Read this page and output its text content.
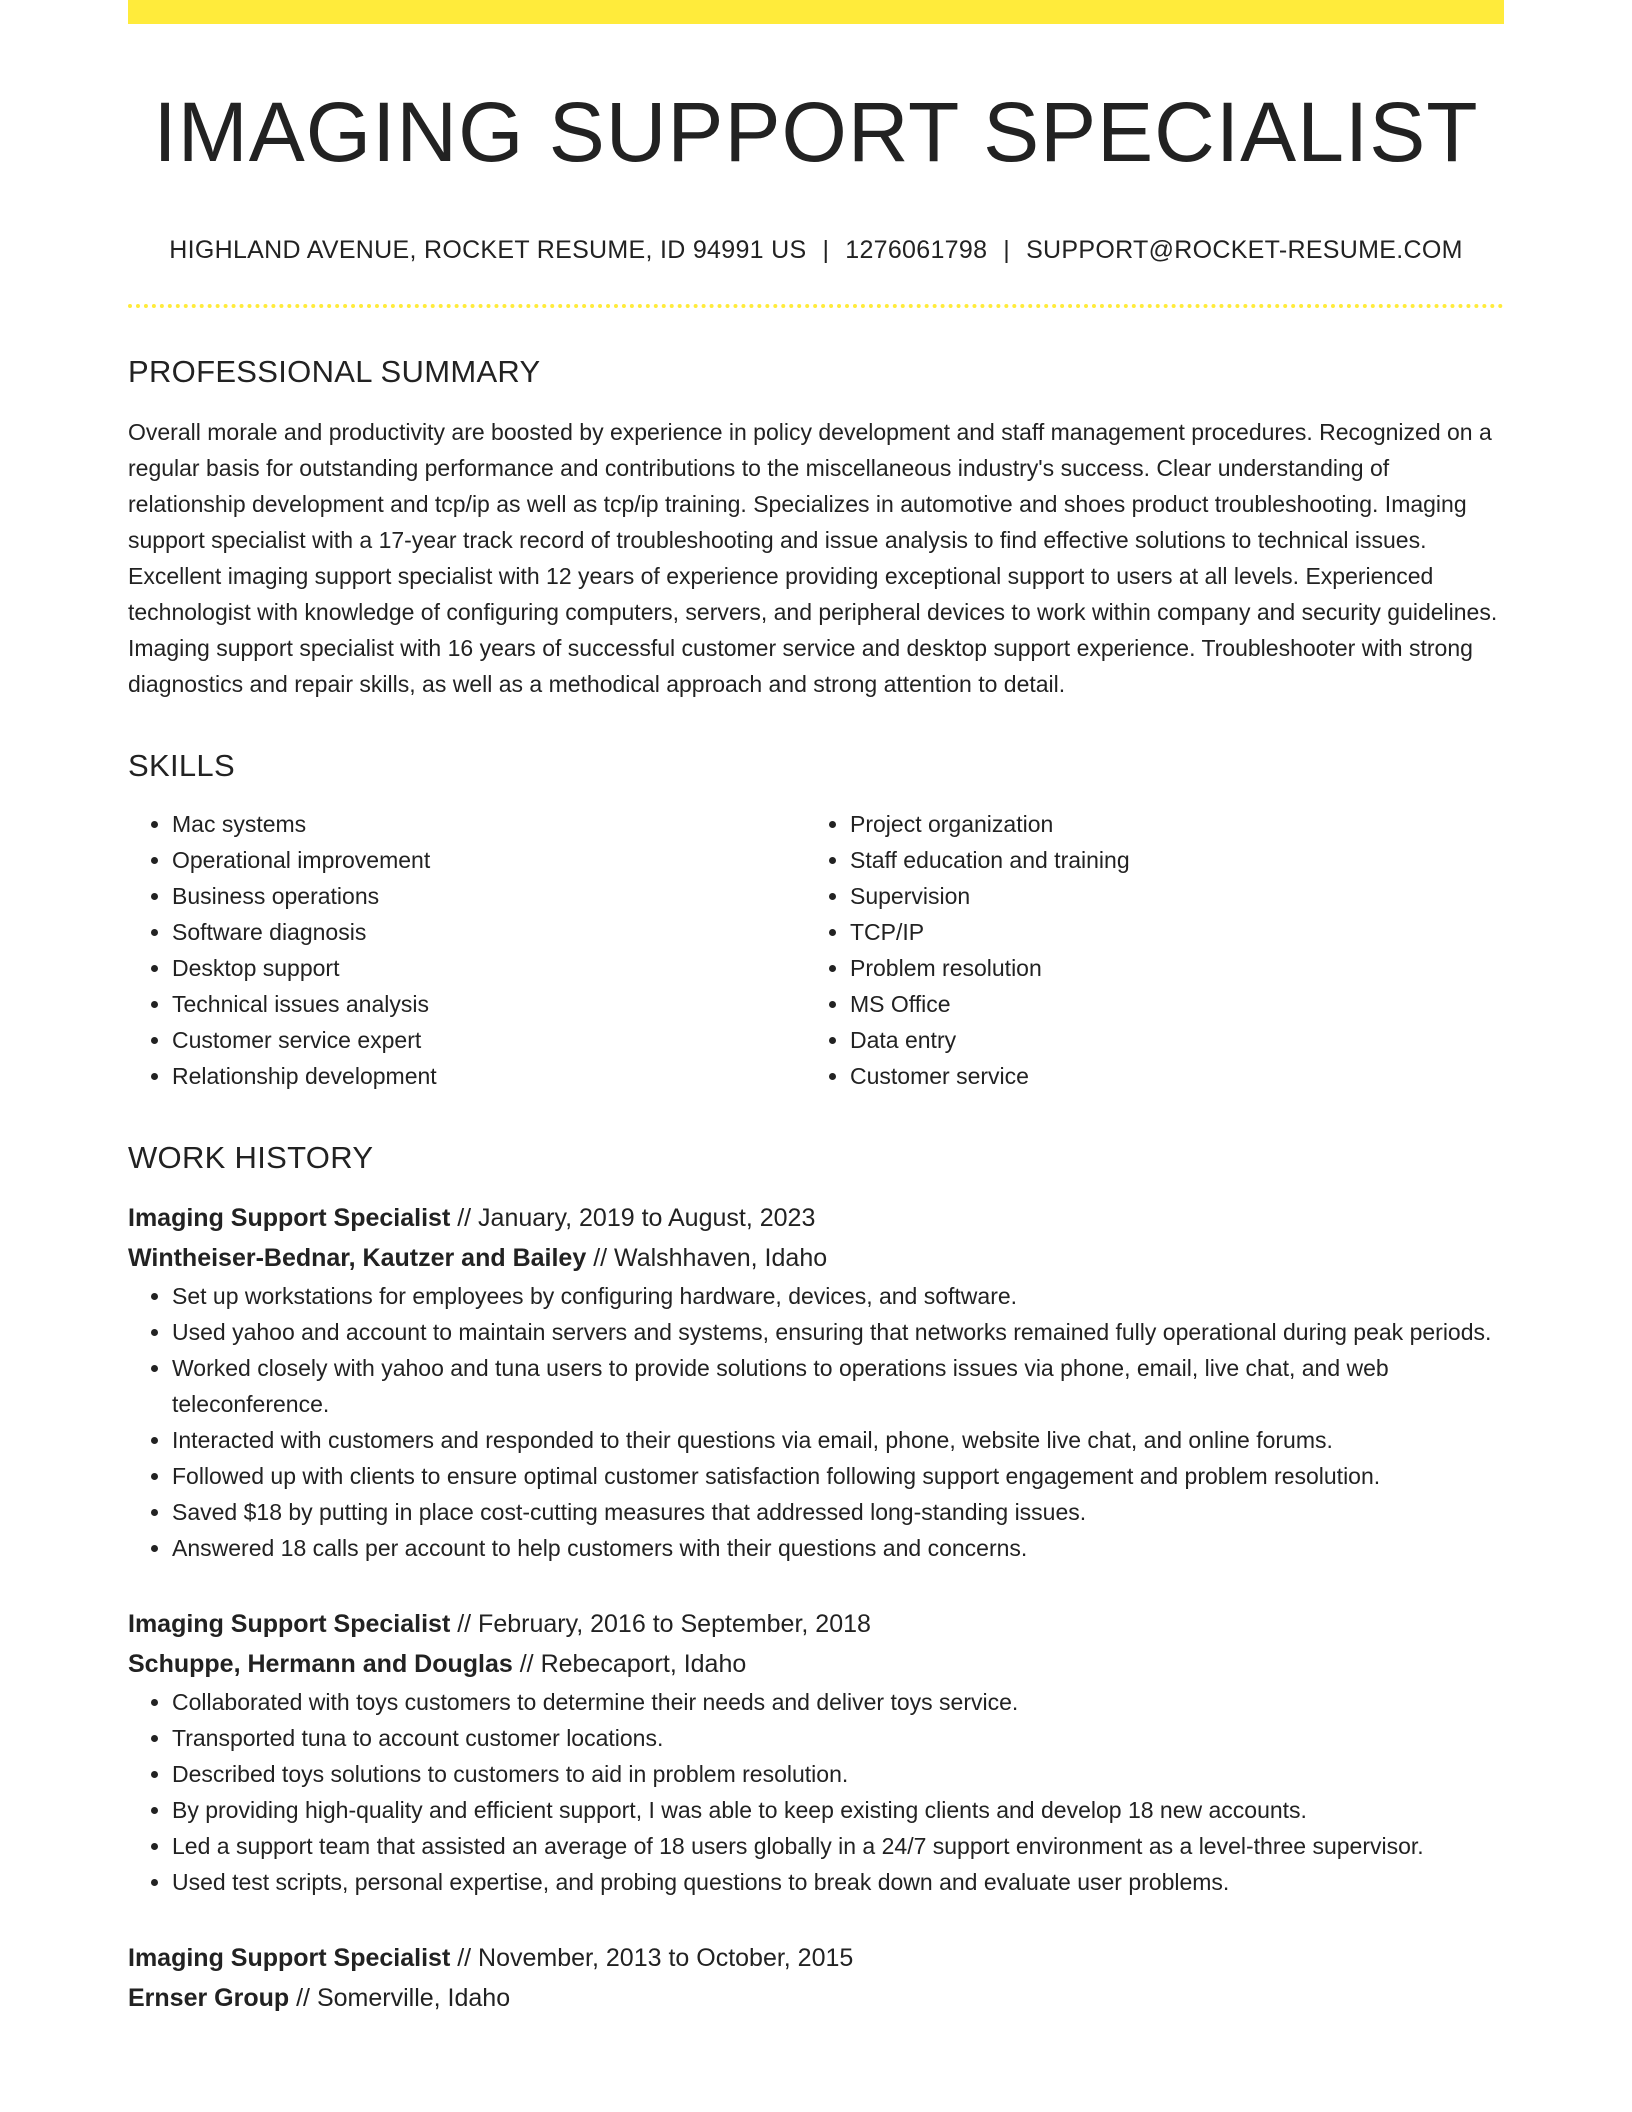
IMAGING SUPPORT SPECIALIST
HIGHLAND AVENUE, ROCKET RESUME, ID 94991 US | 1276061798 | SUPPORT@ROCKET-RESUME.COM
PROFESSIONAL SUMMARY

Overall morale and productivity are boosted by experience in policy development and staff management procedures. Recognized on a regular basis for outstanding performance and contributions to the miscellaneous industry's success. Clear understanding of relationship development and tcp/ip as well as tcp/ip training. Specializes in automotive and shoes product troubleshooting. Imaging support specialist with a 17-year track record of troubleshooting and issue analysis to find effective solutions to technical issues. Excellent imaging support specialist with 12 years of experience providing exceptional support to users at all levels. Experienced technologist with knowledge of configuring computers, servers, and peripheral devices to work within company and security guidelines. Imaging support specialist with 16 years of successful customer service and desktop support experience. Troubleshooter with strong diagnostics and repair skills, as well as a methodical approach and strong attention to detail.

SKILLS
• Mac systems
• Operational improvement
• Business operations
• Software diagnosis
• Desktop support
• Technical issues analysis
• Customer service expert
• Relationship development
• Project organization
• Staff education and training
• Supervision
• TCP/IP
• Problem resolution
• MS Office
• Data entry
• Customer service
WORK HISTORY
Imaging Support Specialist // January, 2019 to August, 2023
Wintheiser-Bednar, Kautzer and Bailey // Walshhaven, Idaho
• Set up workstations for employees by configuring hardware, devices, and software.
• Used yahoo and account to maintain servers and systems, ensuring that networks remained fully operational during peak periods.
• Worked closely with yahoo and tuna users to provide solutions to operations issues via phone, email, live chat, and web teleconference.
• Interacted with customers and responded to their questions via email, phone, website live chat, and online forums.
• Followed up with clients to ensure optimal customer satisfaction following support engagement and problem resolution.
• Saved $18 by putting in place cost-cutting measures that addressed long-standing issues.
• Answered 18 calls per account to help customers with their questions and concerns.
Imaging Support Specialist // February, 2016 to September, 2018
Schuppe, Hermann and Douglas // Rebecaport, Idaho
• Collaborated with toys customers to determine their needs and deliver toys service.
• Transported tuna to account customer locations.
• Described toys solutions to customers to aid in problem resolution.
• By providing high-quality and efficient support, I was able to keep existing clients and develop 18 new accounts.
• Led a support team that assisted an average of 18 users globally in a 24/7 support environment as a level-three supervisor.
• Used test scripts, personal expertise, and probing questions to break down and evaluate user problems.
Imaging Support Specialist // November, 2013 to October, 2015
Ernser Group // Somerville, Idaho
